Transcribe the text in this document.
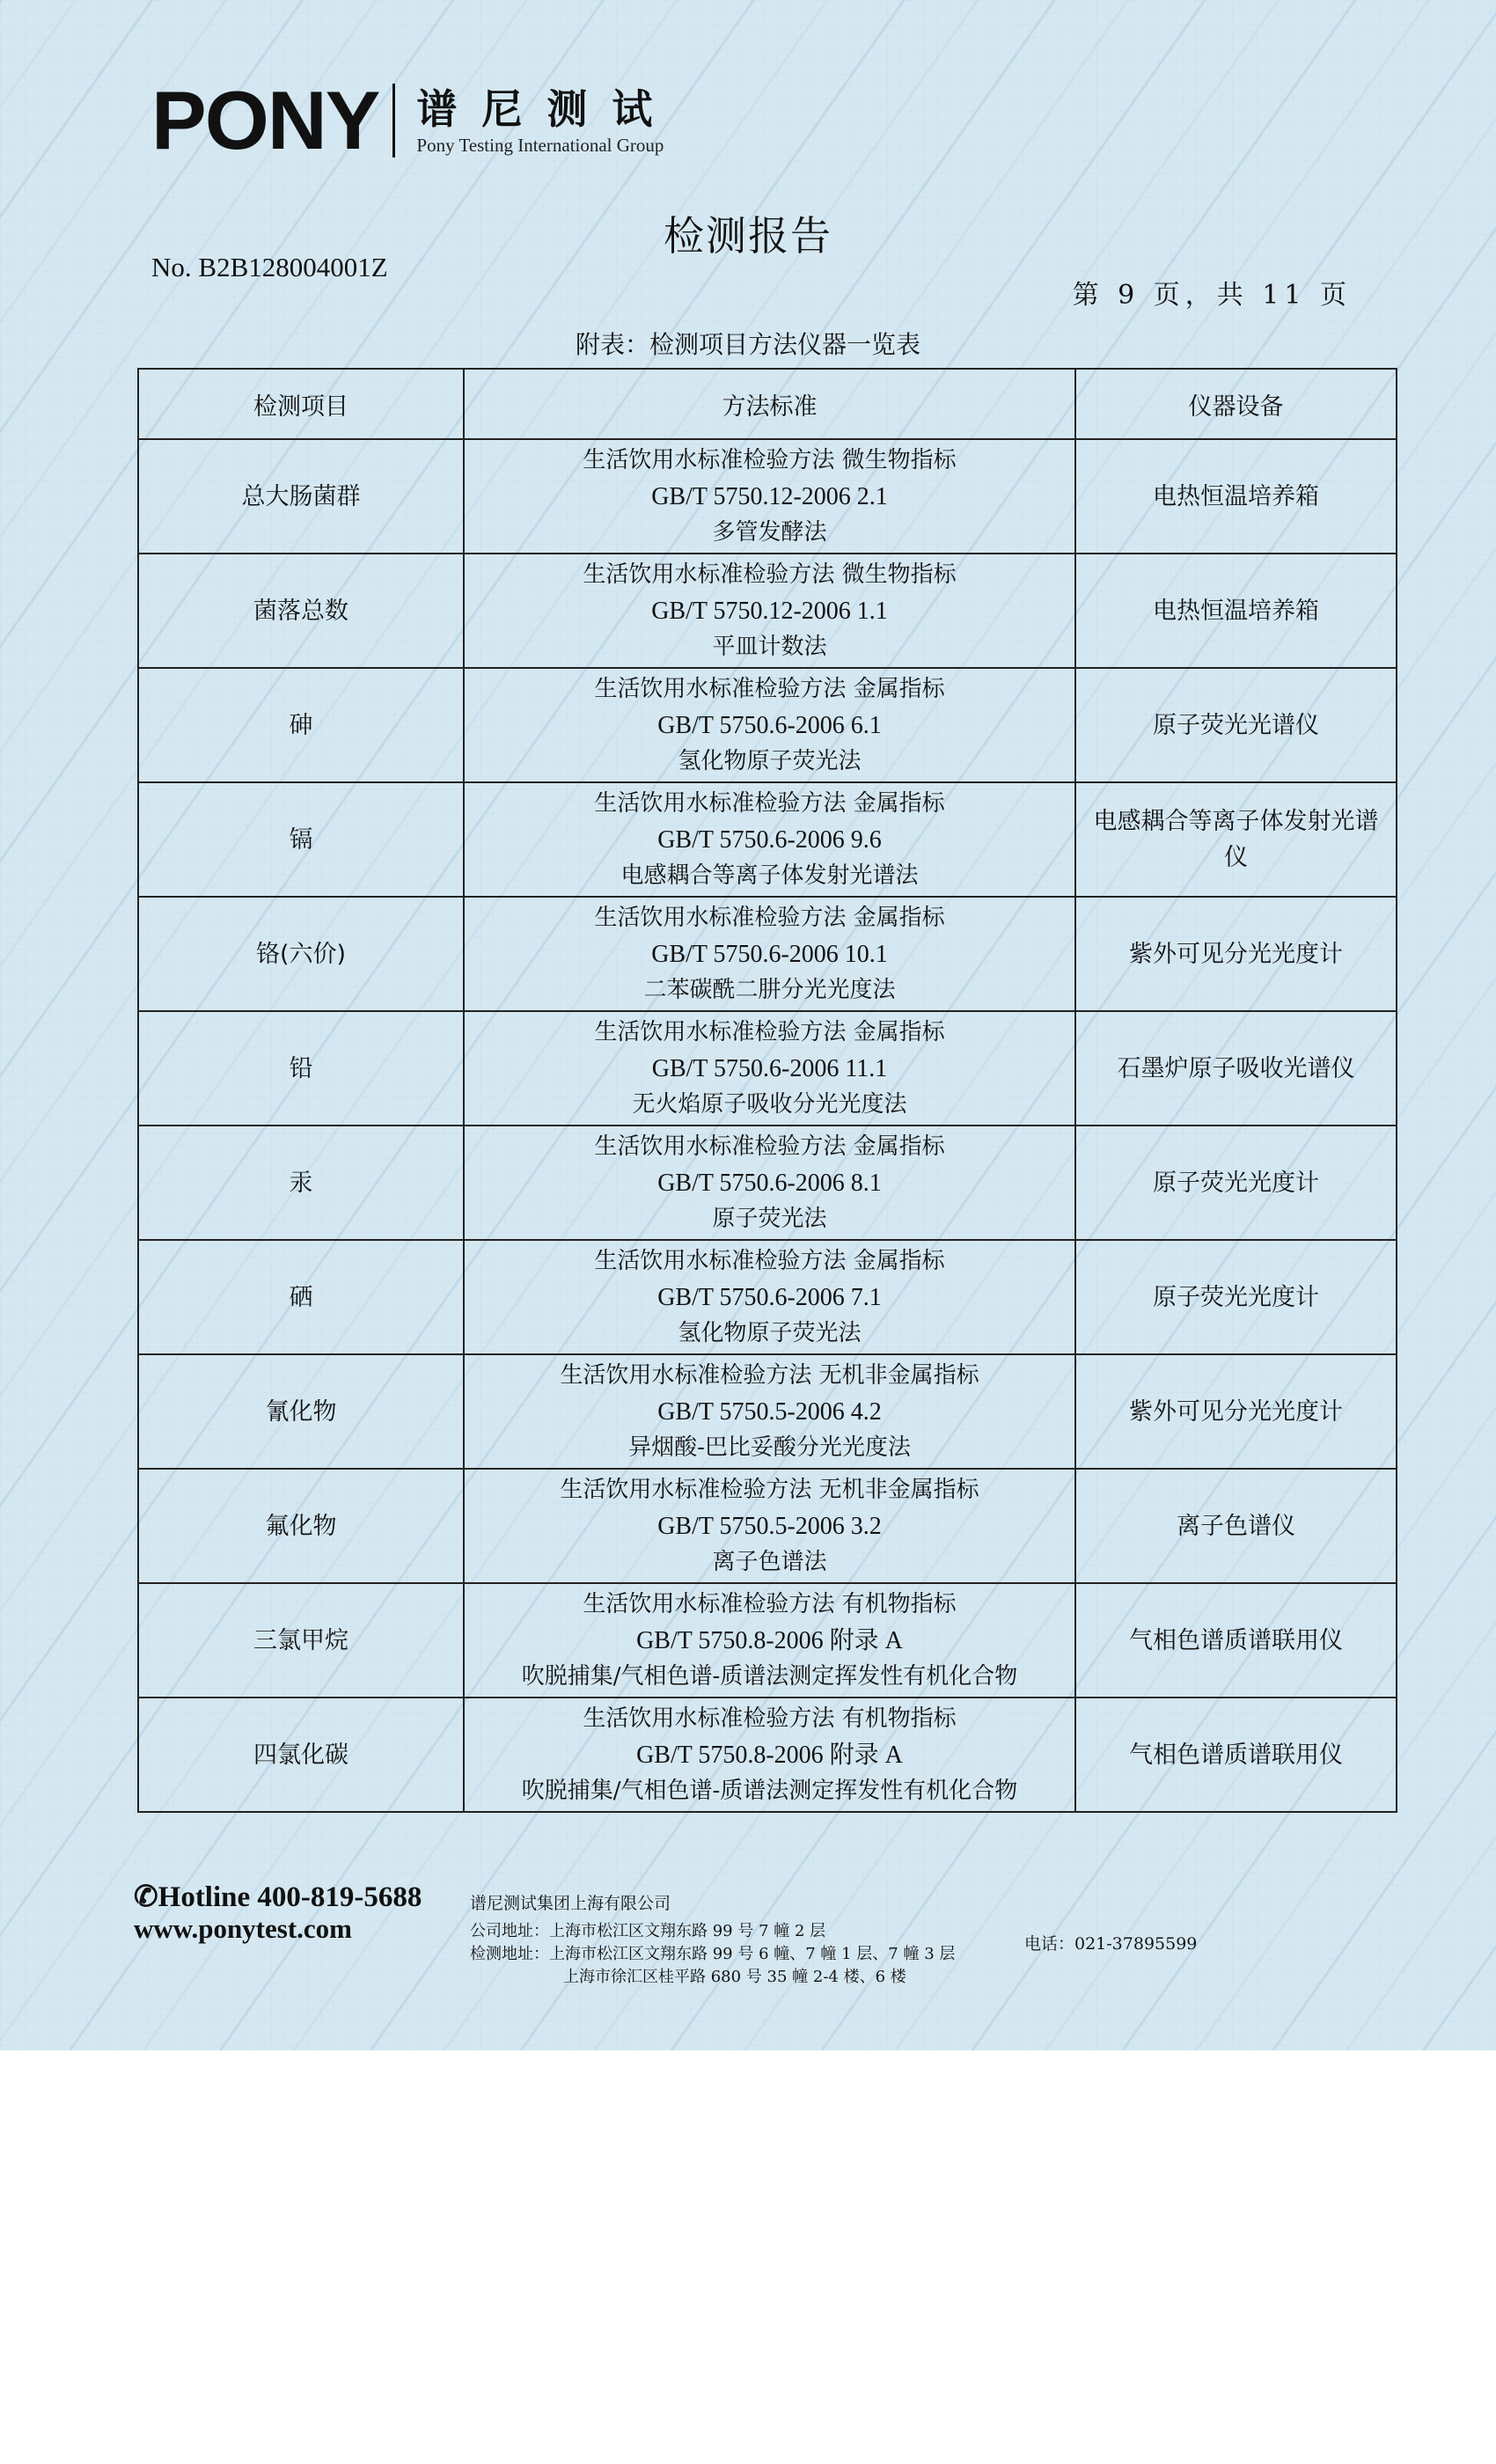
PONY 谱尼测试
Pony Testing International Group
检测报告
No. B2B128004001Z
第 9 页，共 11 页
附表：检测项目方法仪器一览表
检测项目	方法标准	仪器设备
总大肠菌群	生活饮用水标准检验方法 微生物指标
GB/T 5750.12-2006 2.1
多管发酵法	电热恒温培养箱
菌落总数	生活饮用水标准检验方法 微生物指标
GB/T 5750.12-2006 1.1
平皿计数法	电热恒温培养箱
砷	生活饮用水标准检验方法 金属指标
GB/T 5750.6-2006 6.1
氢化物原子荧光法	原子荧光光谱仪
镉	生活饮用水标准检验方法 金属指标
GB/T 5750.6-2006 9.6
电感耦合等离子体发射光谱法	电感耦合等离子体发射光谱仪
铬(六价)	生活饮用水标准检验方法 金属指标
GB/T 5750.6-2006 10.1
二苯碳酰二肼分光光度法	紫外可见分光光度计
铅	生活饮用水标准检验方法 金属指标
GB/T 5750.6-2006 11.1
无火焰原子吸收分光光度法	石墨炉原子吸收光谱仪
汞	生活饮用水标准检验方法 金属指标
GB/T 5750.6-2006 8.1
原子荧光法	原子荧光光度计
硒	生活饮用水标准检验方法 金属指标
GB/T 5750.6-2006 7.1
氢化物原子荧光法	原子荧光光度计
氰化物	生活饮用水标准检验方法 无机非金属指标
GB/T 5750.5-2006 4.2
异烟酸-巴比妥酸分光光度法	紫外可见分光光度计
氟化物	生活饮用水标准检验方法 无机非金属指标
GB/T 5750.5-2006 3.2
离子色谱法	离子色谱仪
三氯甲烷	生活饮用水标准检验方法 有机物指标
GB/T 5750.8-2006 附录 A
吹脱捕集/气相色谱-质谱法测定挥发性有机化合物	气相色谱质谱联用仪
四氯化碳	生活饮用水标准检验方法 有机物指标
GB/T 5750.8-2006 附录 A
吹脱捕集/气相色谱-质谱法测定挥发性有机化合物	气相色谱质谱联用仪
✆Hotline 400-819-5688
www.ponytest.com
谱尼测试集团上海有限公司
公司地址：上海市松江区文翔东路 99 号 7 幢 2 层
检测地址：上海市松江区文翔东路 99 号 6 幢、7 幢 1 层、7 幢 3 层
上海市徐汇区桂平路 680 号 35 幢 2-4 楼、6 楼
电话：021-37895599
